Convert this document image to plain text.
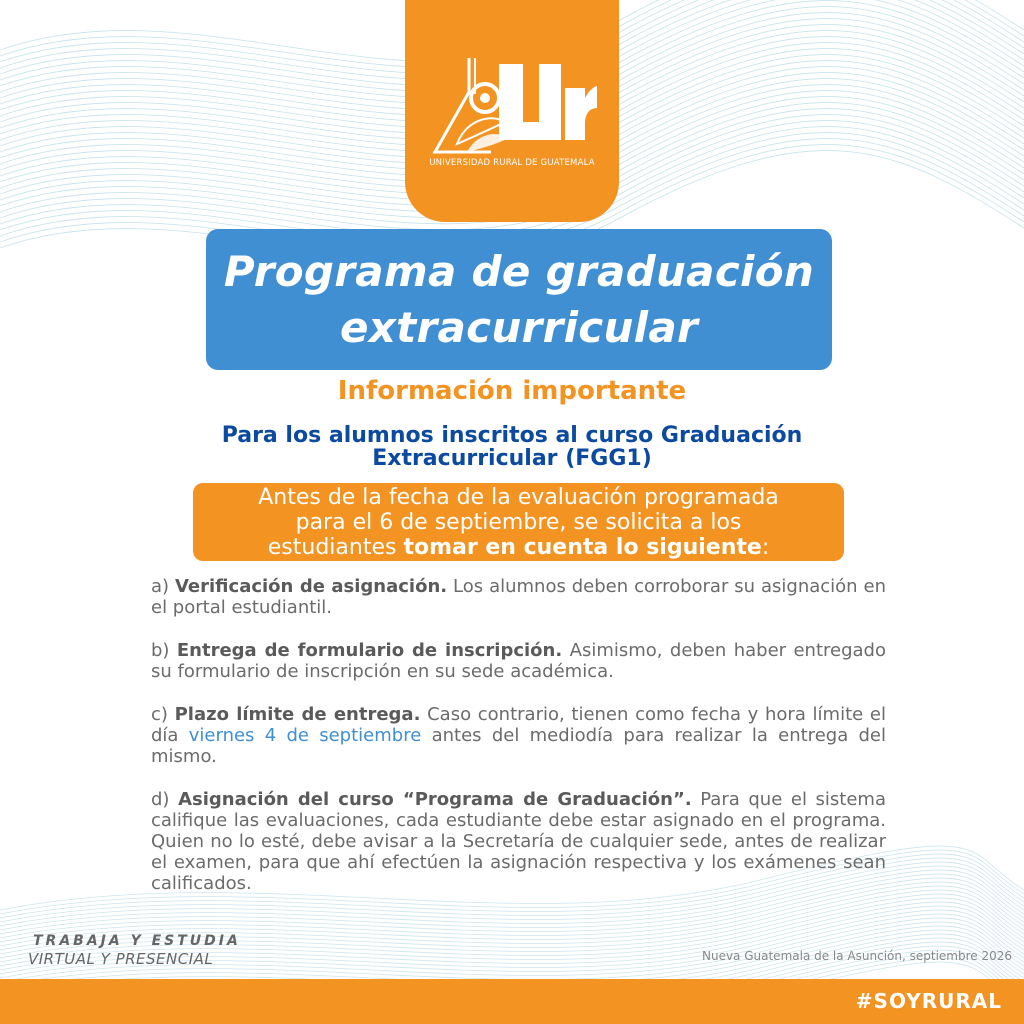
UNIVERSIDAD RURAL DE GUATEMALA
Programa de graduación
extracurricular
Información importante
Para los alumnos inscritos al curso Graduación
Extracurricular (FGG1)
Antes de la fecha de la evaluación programada
para el 6 de septiembre, se solicita a los
estudiantes tomar en cuenta lo siguiente:
a) Verificación de asignación. Los alumnos deben corroborar su asignación en el portal estudiantil.
b) Entrega de formulario de inscripción. Asimismo, deben haber entregado su formulario de inscripción en su sede académica.
c) Plazo límite de entrega. Caso contrario, tienen como fecha y hora límite el día viernes 4 de septiembre antes del mediodía para realizar la entrega del mismo.
d) Asignación del curso “Programa de Graduación”. Para que el sistema califique las evaluaciones, cada estudiante debe estar asignado en el programa. Quien no lo esté, debe avisar a la Secretaría de cualquier sede, antes de realizar el examen, para que ahí efectúen la asignación respectiva y los exámenes sean calificados.
TRABAJA Y ESTUDIA
VIRTUAL Y PRESENCIAL	Nueva Guatemala de la Asunción, septiembre 2026
#SOYRURAL
